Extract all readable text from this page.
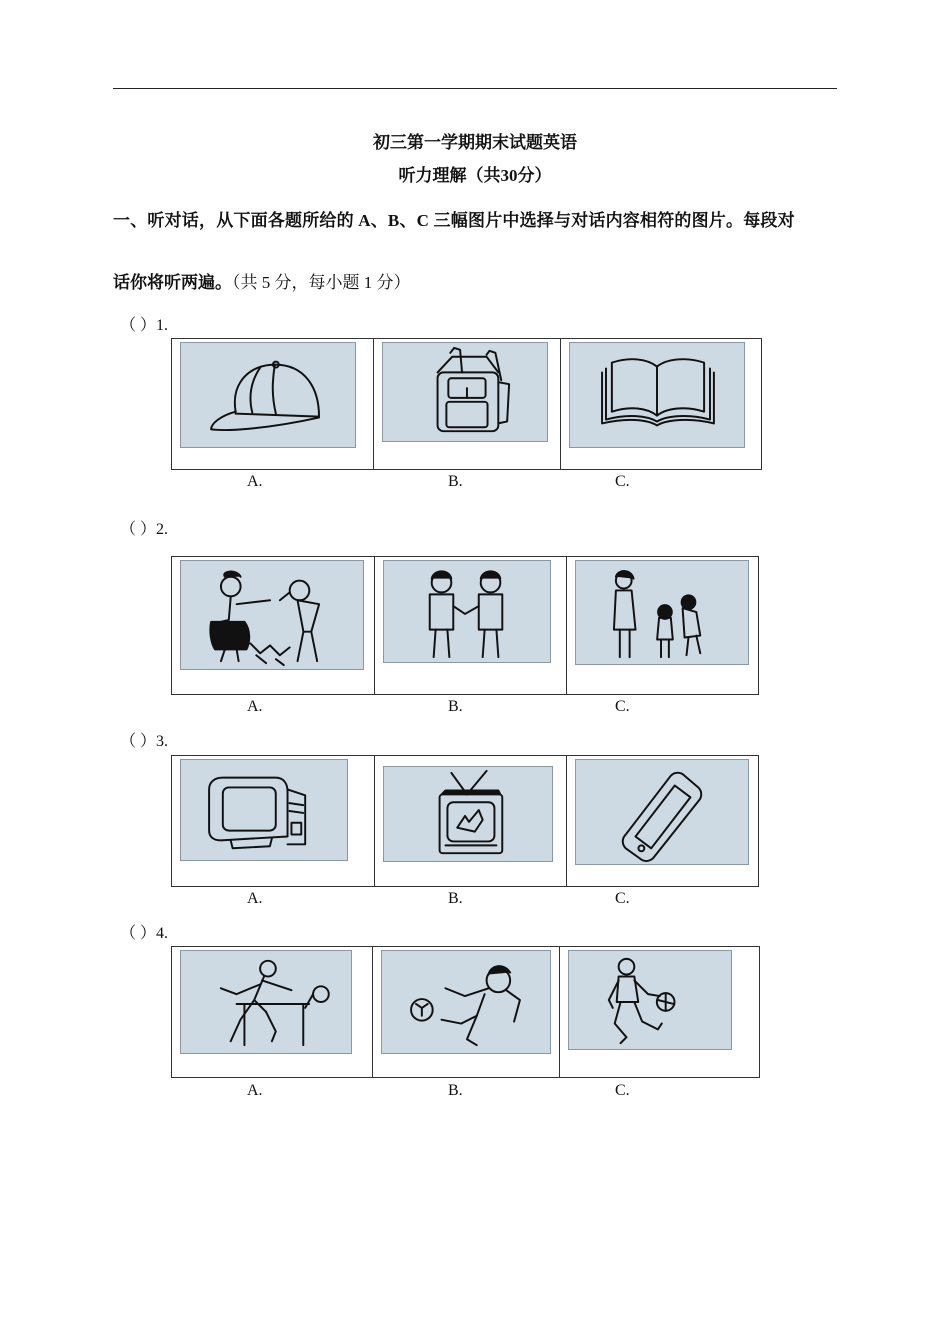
初三第一学期期末试题英语
听力理解（共30分）
一、听对话，从下面各题所给的 A、B、C 三幅图片中选择与对话内容相符的图片。每段对
话你将听两遍。（共 5 分，每小题 1 分）
（ ）1.
A.	B.	C.
（ ）2.
A.	B.	C.
（ ）3.
A.	B.	C.
（ ）4.
A.	B.	C.
